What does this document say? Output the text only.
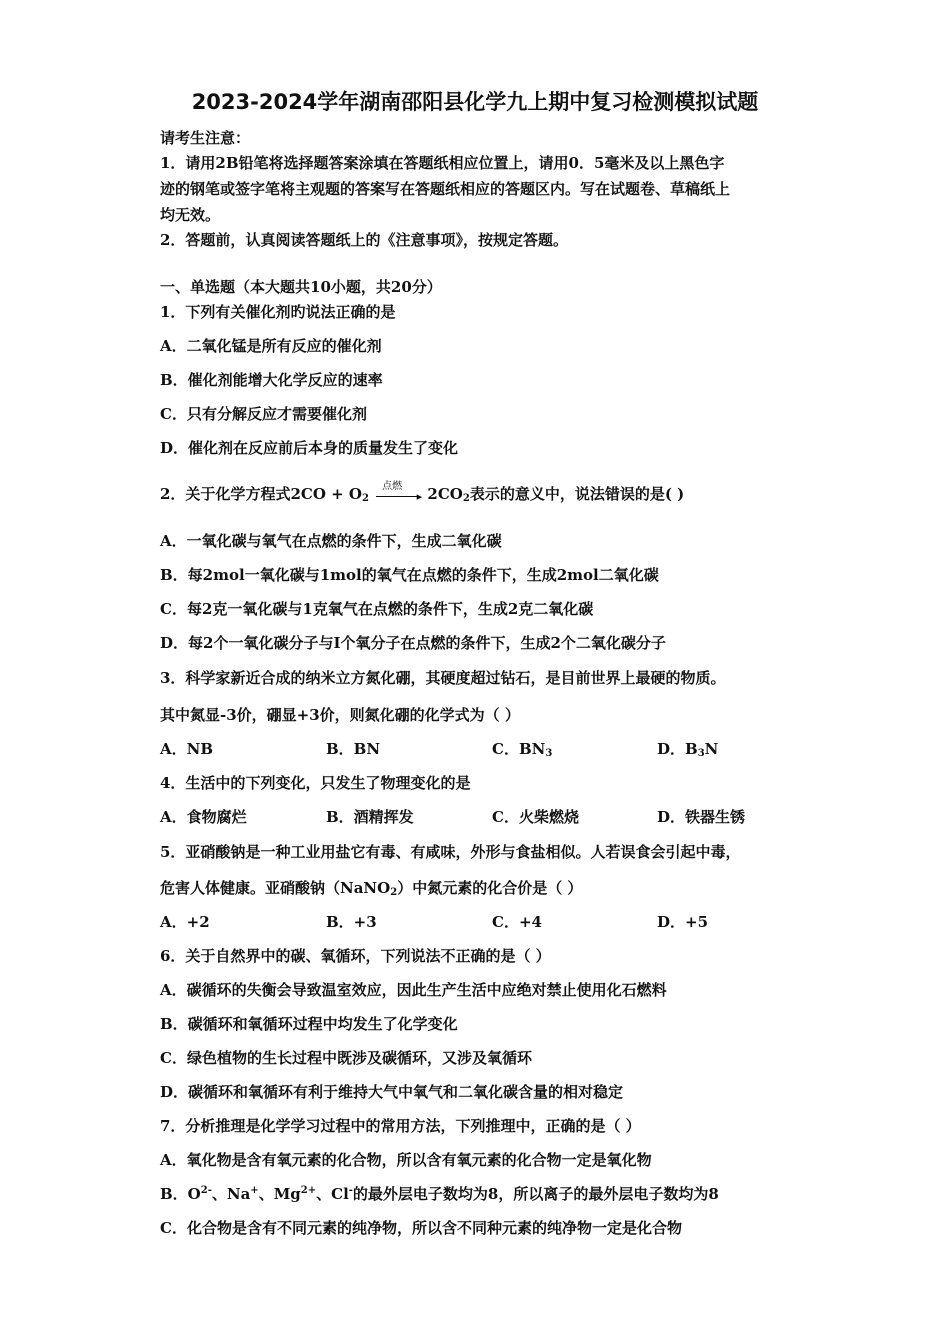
2023-2024学年湖南邵阳县化学九上期中复习检测模拟试题
请考生注意：
1．请用2B铅笔将选择题答案涂填在答题纸相应位置上，请用0．5毫米及以上黑色字
迹的钢笔或签字笔将主观题的答案写在答题纸相应的答题区内。写在试题卷、草稿纸上
均无效。
2．答题前，认真阅读答题纸上的《注意事项》，按规定答题。
一、单选题（本大题共10小题，共20分）
1．下列有关催化剂旳说法正确的是
A．二氧化锰是所有反应的催化剂
B．催化剂能增大化学反应的速率
C．只有分解反应才需要催化剂
D．催化剂在反应前后本身的质量发生了变化
2．关于化学方程式$2CO + O_2$
点燃
▸ $2CO_2$表示的意义中，说法错误的是( )
A．一氧化碳与氧气在点燃的条件下，生成二氧化碳
B．每2mol一氧化碳与1mol的氧气在点燃的条件下，生成2mol二氧化碳
C．每2克一氧化碳与1克氧气在点燃的条件下，生成2克二氧化碳
D．每2个一氧化碳分子与I个氧分子在点燃的条件下，生成2个二氧化碳分子
3．科学家新近合成的纳米立方氮化硼，其硬度超过钻石，是目前世界上最硬的物质。
其中氮显-3价，硼显+3价，则氮化硼的化学式为（ ）
A．NB	B．BN	C．$BN_3$	D．$B_3N$
4．生活中的下列变化，只发生了物理变化的是
A．食物腐烂	B．酒精挥发	C．火柴燃烧	D．铁器生锈
5．亚硝酸钠是一种工业用盐它有毒、有咸味，外形与食盐相似。人若误食会引起中毒，
危害人体健康。亚硝酸钠（NaNO$_2$）中氮元素的化合价是（ ）
A．+2	B．+3	C．+4	D．+5
6．关于自然界中的碳、氧循环，下列说法不正确的是（ ）
A．碳循环的失衡会导致温室效应，因此生产生活中应绝对禁止使用化石燃料
B．碳循环和氧循环过程中均发生了化学变化
C．绿色植物的生长过程中既涉及碳循环，又涉及氧循环
D．碳循环和氧循环有利于维持大气中氧气和二氧化碳含量的相对稳定
7．分析推理是化学学习过程中的常用方法，下列推理中，正确的是（ ）
A．氧化物是含有氧元素的化合物，所以含有氧元素的化合物一定是氧化物
B．$O^{2-}$、Na+、$Mg^{2+}$、Cl-的最外层电子数均为8，所以离子的最外层电子数均为8
C．化合物是含有不同元素的纯净物，所以含不同种元素的纯净物一定是化合物
